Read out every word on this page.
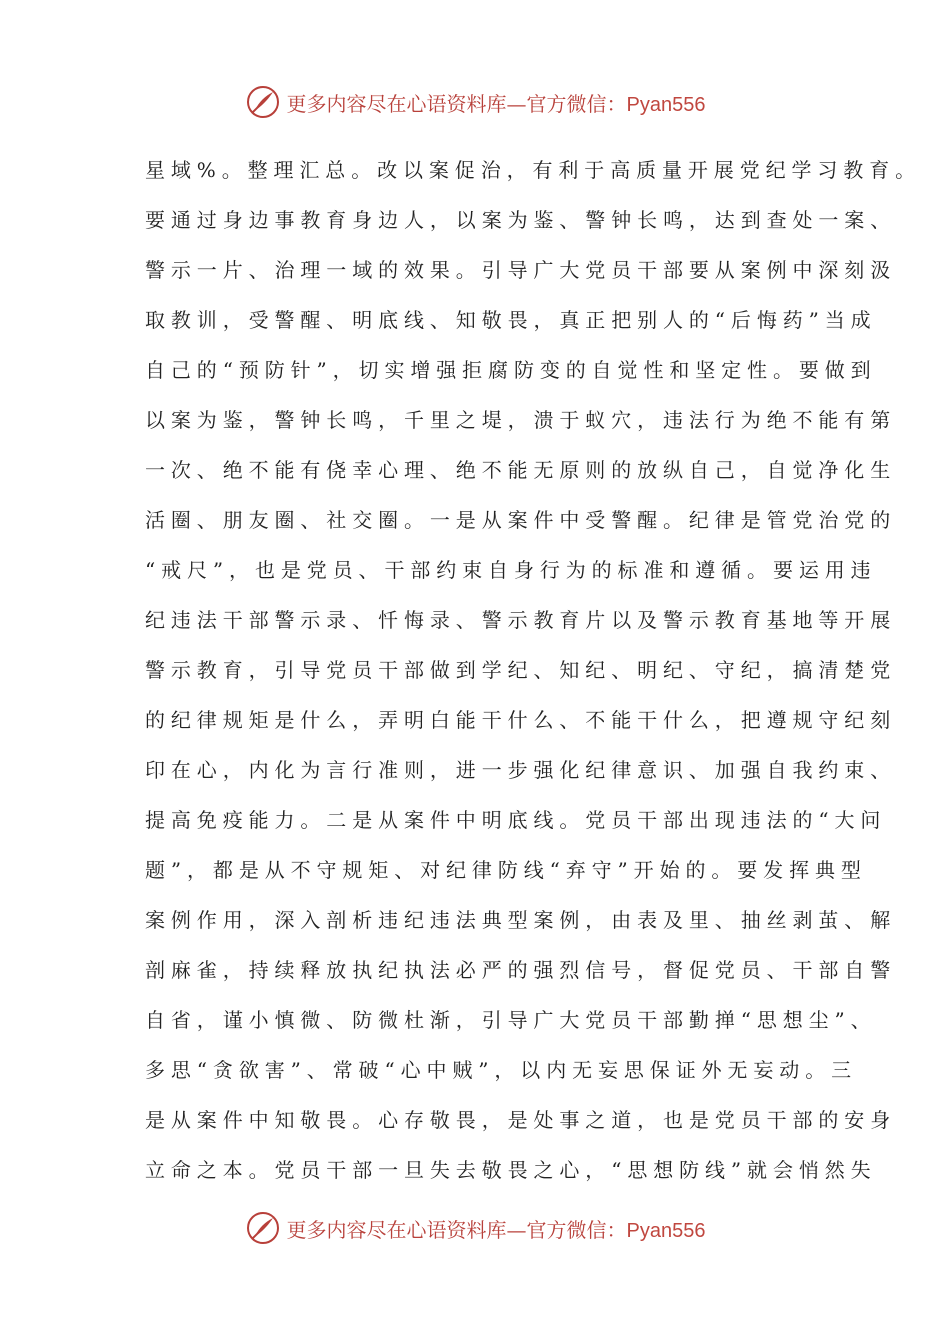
更多内容尽在心语资料库—官方微信：Pyan556
星域%。整理汇总。改以案促治，有利于高质量开展党纪学习教育。
要通过身边事教育身边人，以案为鉴、警钟长鸣，达到查处一案、
警示一片、治理一域的效果。引导广大党员干部要从案例中深刻汲
取教训，受警醒、明底线、知敬畏，真正把别人的“后悔药”当成
自己的“预防针”，切实增强拒腐防变的自觉性和坚定性。要做到
以案为鉴，警钟长鸣，千里之堤，溃于蚁穴，违法行为绝不能有第
一次、绝不能有侥幸心理、绝不能无原则的放纵自己，自觉净化生
活圈、朋友圈、社交圈。一是从案件中受警醒。纪律是管党治党的
“戒尺”，也是党员、干部约束自身行为的标准和遵循。要运用违
纪违法干部警示录、忏悔录、警示教育片以及警示教育基地等开展
警示教育，引导党员干部做到学纪、知纪、明纪、守纪，搞清楚党
的纪律规矩是什么，弄明白能干什么、不能干什么，把遵规守纪刻
印在心，内化为言行准则，进一步强化纪律意识、加强自我约束、
提高免疫能力。二是从案件中明底线。党员干部出现违法的“大问
题”，都是从不守规矩、对纪律防线“弃守”开始的。要发挥典型
案例作用，深入剖析违纪违法典型案例，由表及里、抽丝剥茧、解
剖麻雀，持续释放执纪执法必严的强烈信号，督促党员、干部自警
自省，谨小慎微、防微杜渐，引导广大党员干部勤掸“思想尘”、
多思“贪欲害”、常破“心中贼”，以内无妄思保证外无妄动。三
是从案件中知敬畏。心存敬畏，是处事之道，也是党员干部的安身
立命之本。党员干部一旦失去敬畏之心，“思想防线”就会悄然失
更多内容尽在心语资料库—官方微信：Pyan556
